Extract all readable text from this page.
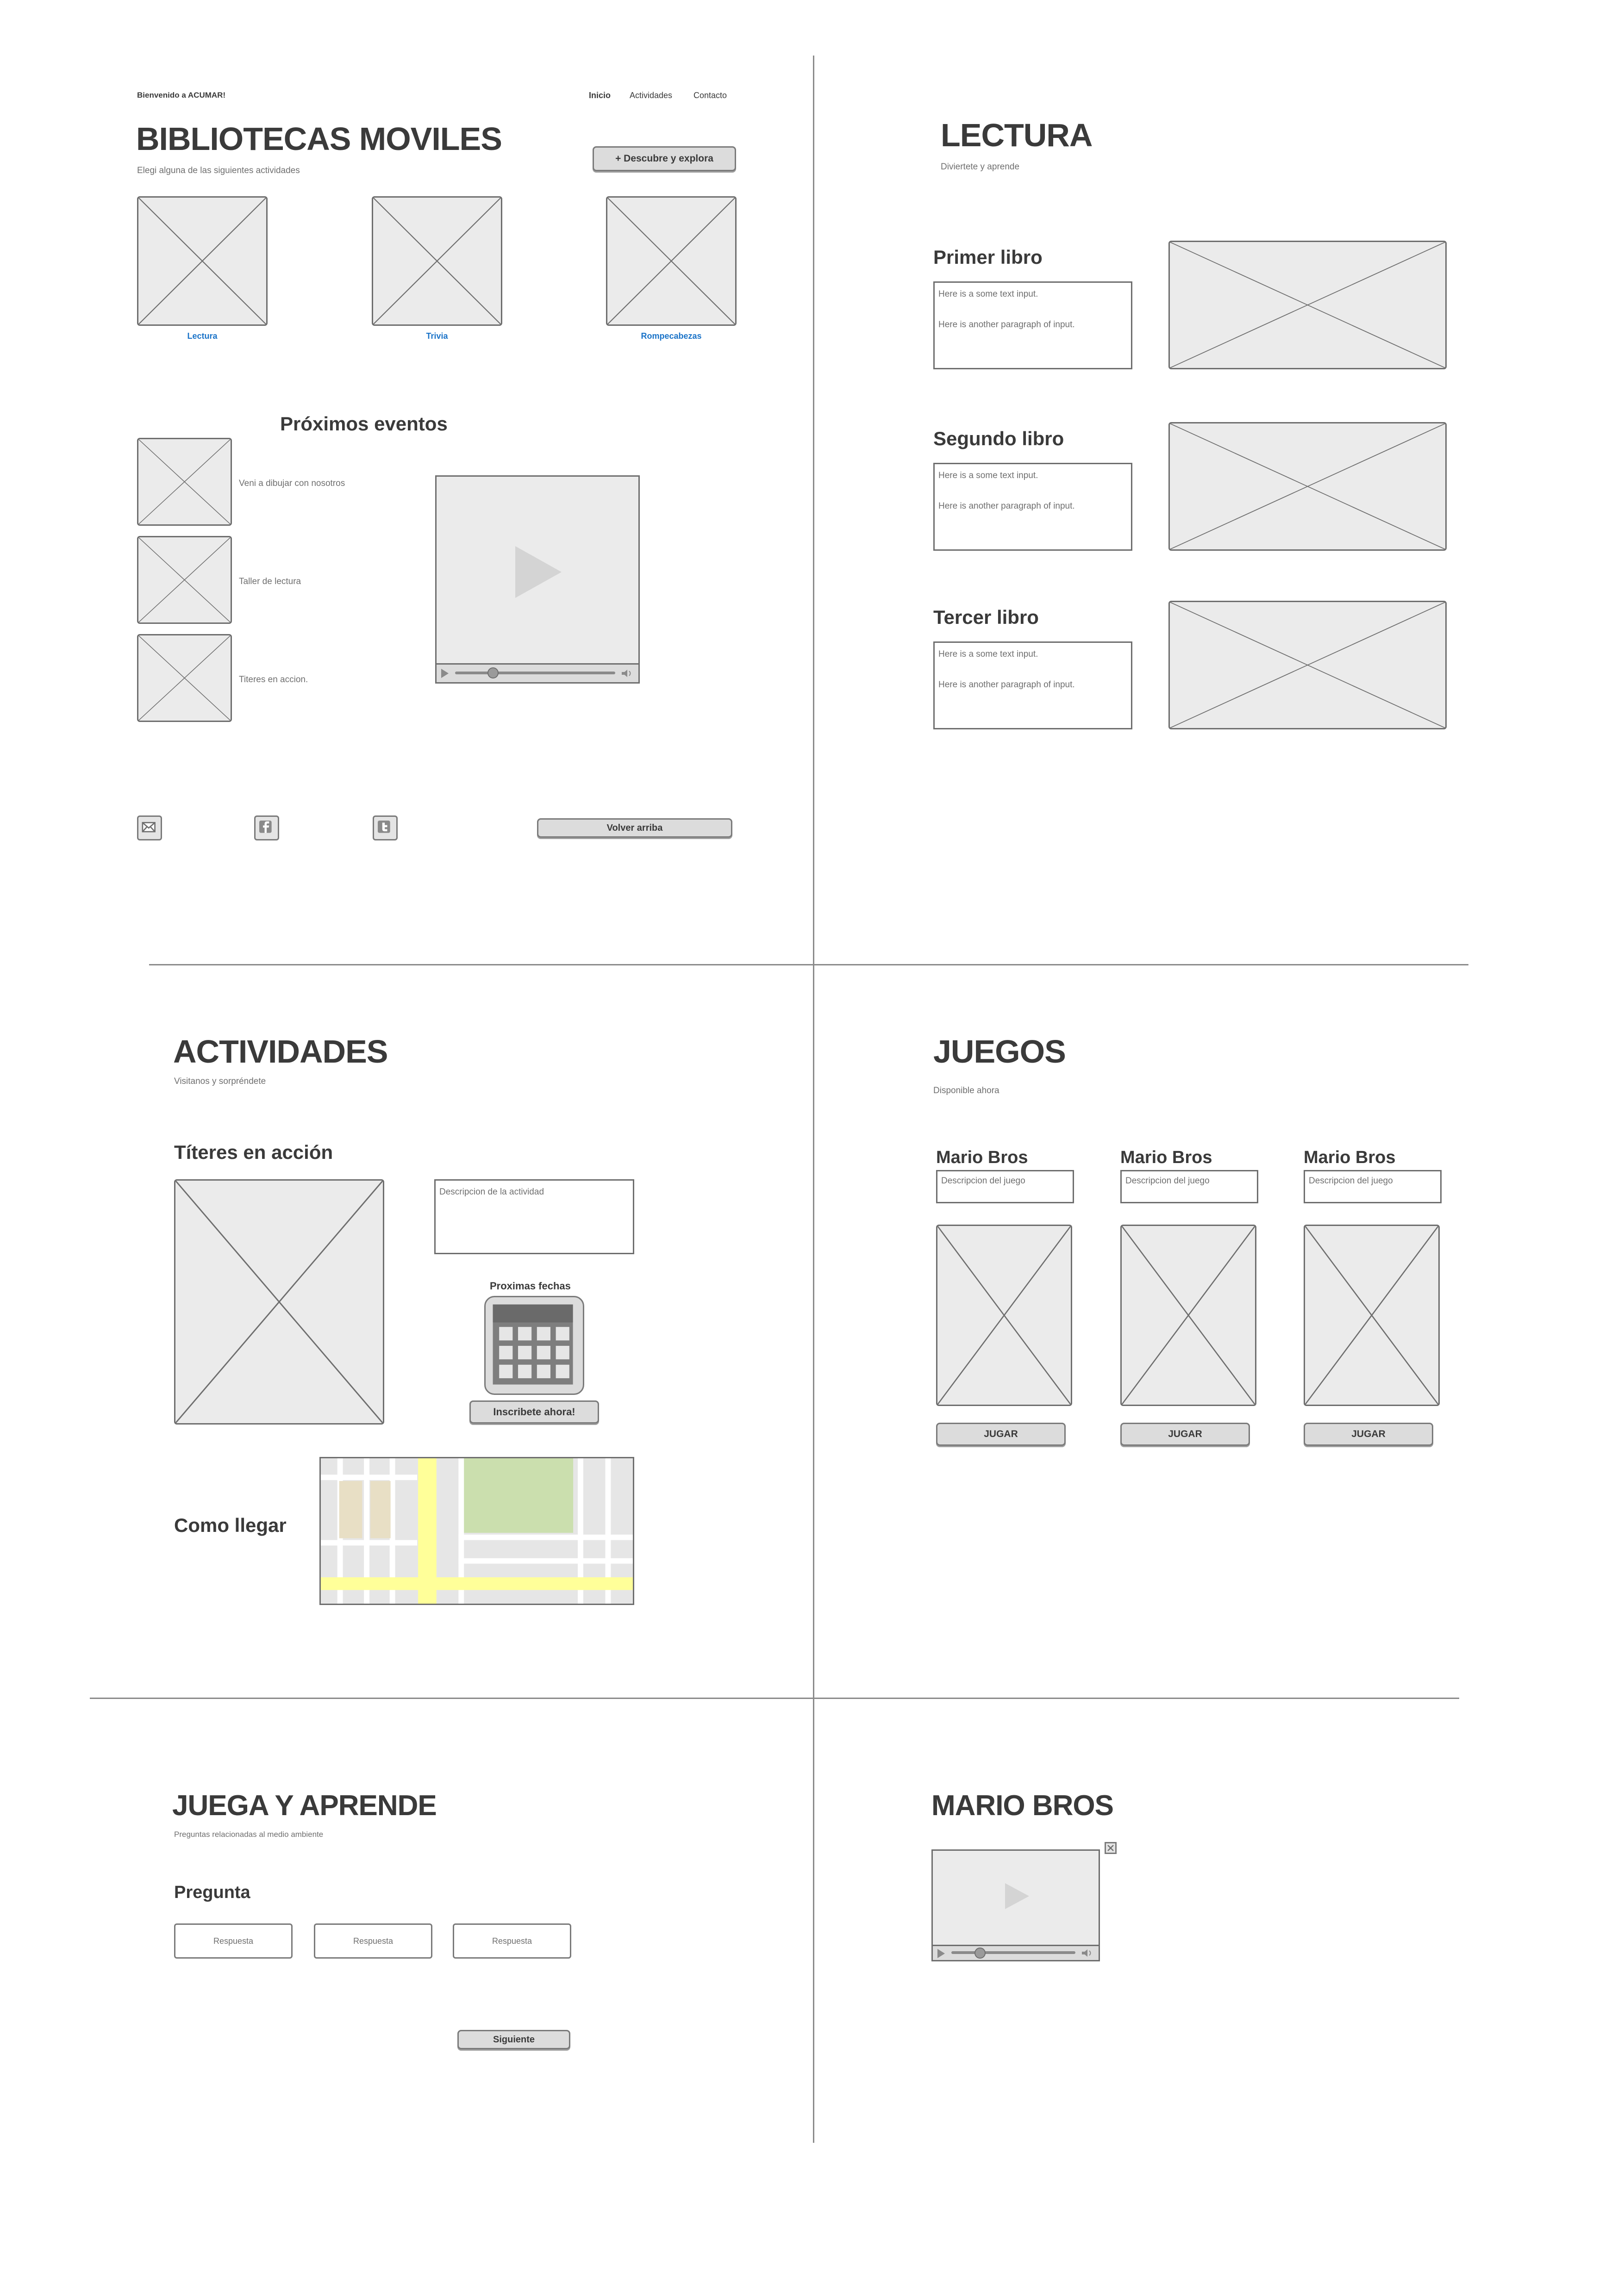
Bienvenido a ACUMAR!	Inicio Actividades	Contacto
BIBLIOTECAS MOVILES
Elegi alguna de las siguientes actividades
+ Descubre y explora
Lectura	Trivia	Rompecabezas
Próximos eventos
Veni a dibujar con nosotros
Taller de lectura
Titeres en accion.
Volver arriba
LECTURA
Diviertete y aprende
Primer libro

Here is a some text input.

Here is another paragraph of input.

Segundo libro

Here is a some text input.

Here is another paragraph of input.

Tercer libro

Here is a some text input.

Here is another paragraph of input.

ACTIVIDADES
Visitanos y sorpréndete
Títeres en acción

Descripcion de la actividad

Proximas fechas
Inscribete ahora!
Como llegar
JUEGOS
Disponible ahora
Mario Bros

Descripcion del juego

JUGAR
Mario Bros

Descripcion del juego

JUGAR
Mario Bros

Descripcion del juego

JUGAR
JUEGA Y APRENDE
Preguntas relacionadas al medio ambiente
Pregunta
Respuesta	Respuesta	Respuesta
Siguiente
MARIO BROS
